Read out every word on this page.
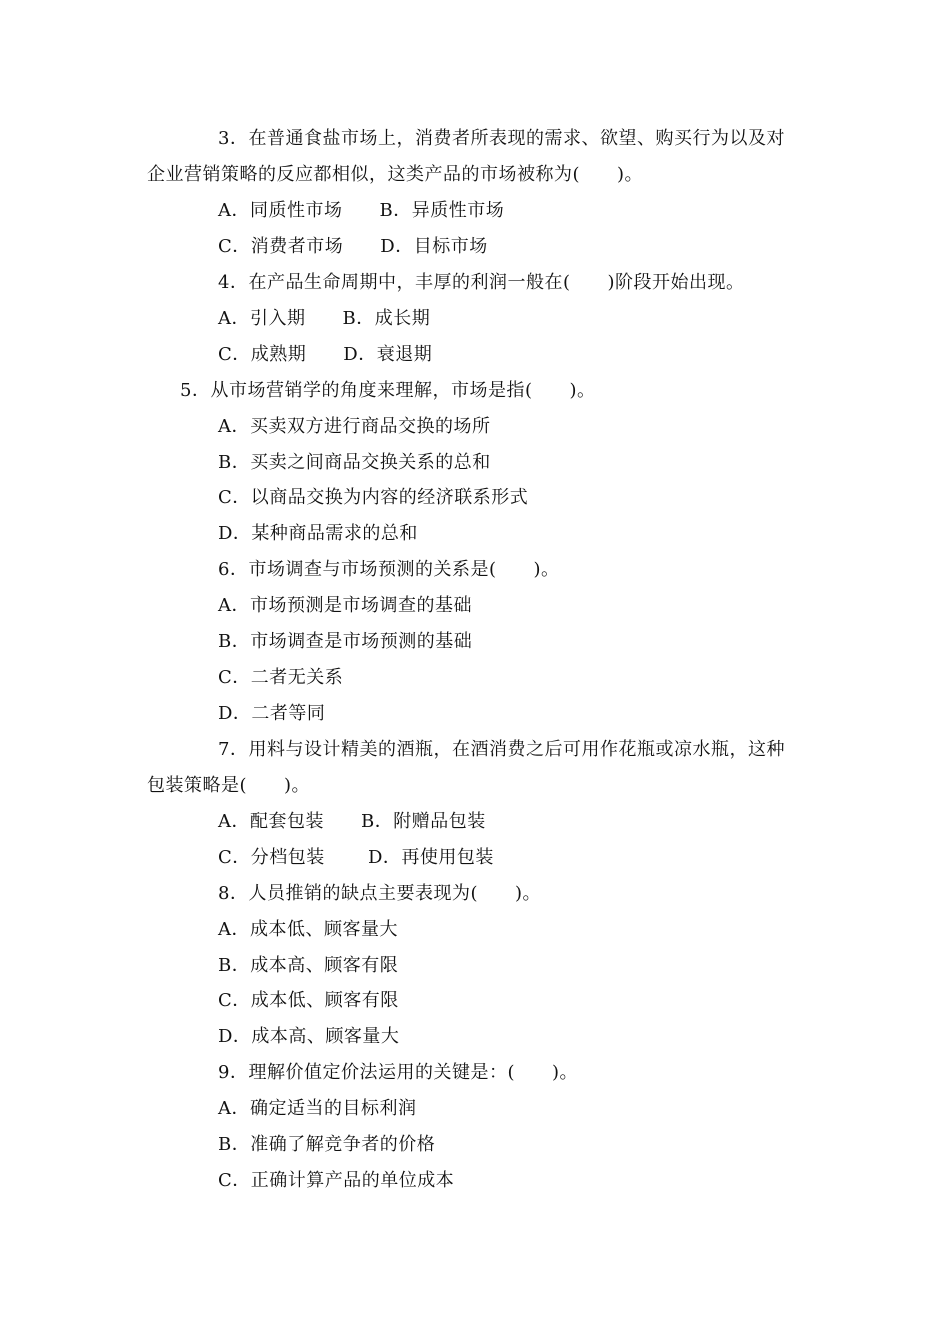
3．在普通食盐市场上，消费者所表现的需求、欲望、购买行为以及对
企业营销策略的反应都相似，这类产品的市场被称为(　　)。
A．同质性市场　　B．异质性市场
C．消费者市场　　D．目标市场
4．在产品生命周期中，丰厚的利润一般在(　　)阶段开始出现。
A．引入期　　B．成长期
C．成熟期　　D．衰退期
5．从市场营销学的角度来理解，市场是指(　　)。
A．买卖双方进行商品交换的场所
B．买卖之间商品交换关系的总和
C．以商品交换为内容的经济联系形式
D．某种商品需求的总和
6．市场调查与市场预测的关系是(　　)。
A．市场预测是市场调查的基础
B．市场调查是市场预测的基础
C．二者无关系
D．二者等同
7．用料与设计精美的酒瓶，在酒消费之后可用作花瓶或凉水瓶，这种
包装策略是(　　)。
A．配套包装　　B．附赠品包装
C．分档包装　　 D．再使用包装
8．人员推销的缺点主要表现为(　　)。
A．成本低、顾客量大
B．成本高、顾客有限
C．成本低、顾客有限
D．成本高、顾客量大
9．理解价值定价法运用的关键是：(　　)。
A．确定适当的目标利润
B．准确了解竞争者的价格
C．正确计算产品的单位成本
